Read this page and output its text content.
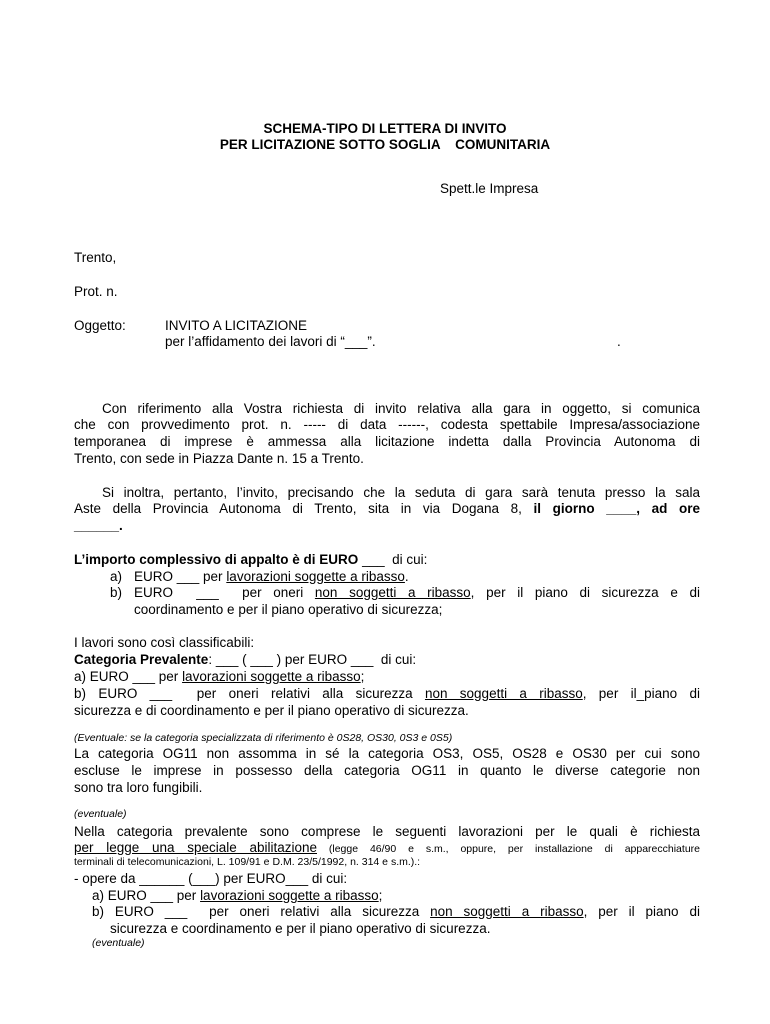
SCHEMA-TIPO DI LETTERA DI INVITO
PER LICITAZIONE SOTTO SOGLIA    COMUNITARIA
Spett.le Impresa
Trento,
Prot. n.
Oggetto:	INVITO A LICITAZIONE
per l’affidamento dei lavori di “___”.	.
Con riferimento alla Vostra richiesta di invito relativa alla gara in oggetto, si comunica
che con provvedimento prot. n. ----- di data ------, codesta spettabile Impresa/associazione
temporanea di imprese è ammessa alla licitazione indetta dalla Provincia Autonoma di
Trento, con sede in Piazza Dante n. 15 a Trento.
Si inoltra, pertanto, l’invito, precisando che la seduta di gara sarà tenuta presso la sala
Aste della Provincia Autonoma di Trento, sita in via Dogana 8, il giorno ____, ad ore
______.
L’importo complessivo di appalto è di EURO ___  di cui:
a) EURO ___ per lavorazioni soggette a ribasso.
b) EURO  ___  per oneri non soggetti a ribasso, per il piano di sicurezza e di
coordinamento e per il piano operativo di sicurezza;
I lavori sono così classificabili:
Categoria Prevalente: ___ ( ___ ) per EURO ___  di cui:
a) EURO ___ per lavorazioni soggette a ribasso;
b) EURO ___  per oneri relativi alla sicurezza non soggetti a ribasso, per il_piano di
sicurezza e di coordinamento e per il piano operativo di sicurezza.
(Eventuale: se la categoria specializzata di riferimento è 0S28, OS30, 0S3 e 0S5)
La categoria OG11 non assomma in sé la categoria OS3, OS5, OS28 e OS30 per cui sono
escluse le imprese in possesso della categoria OG11 in quanto le diverse categorie non
sono tra loro fungibili.
(eventuale)
Nella categoria prevalente sono comprese le seguenti lavorazioni per le quali è richiesta
per legge una speciale abilitazione (legge 46/90 e s.m., oppure, per installazione di apparecchiature
terminali di telecomunicazioni, L. 109/91 e D.M. 23/5/1992, n. 314 e s.m.).:
- opere da ______ (___) per EURO___ di cui:
a) EURO ___ per lavorazioni soggette a ribasso;
b) EURO ___  per oneri relativi alla sicurezza non soggetti a ribasso, per il piano di
sicurezza e coordinamento e per il piano operativo di sicurezza.
(eventuale)
